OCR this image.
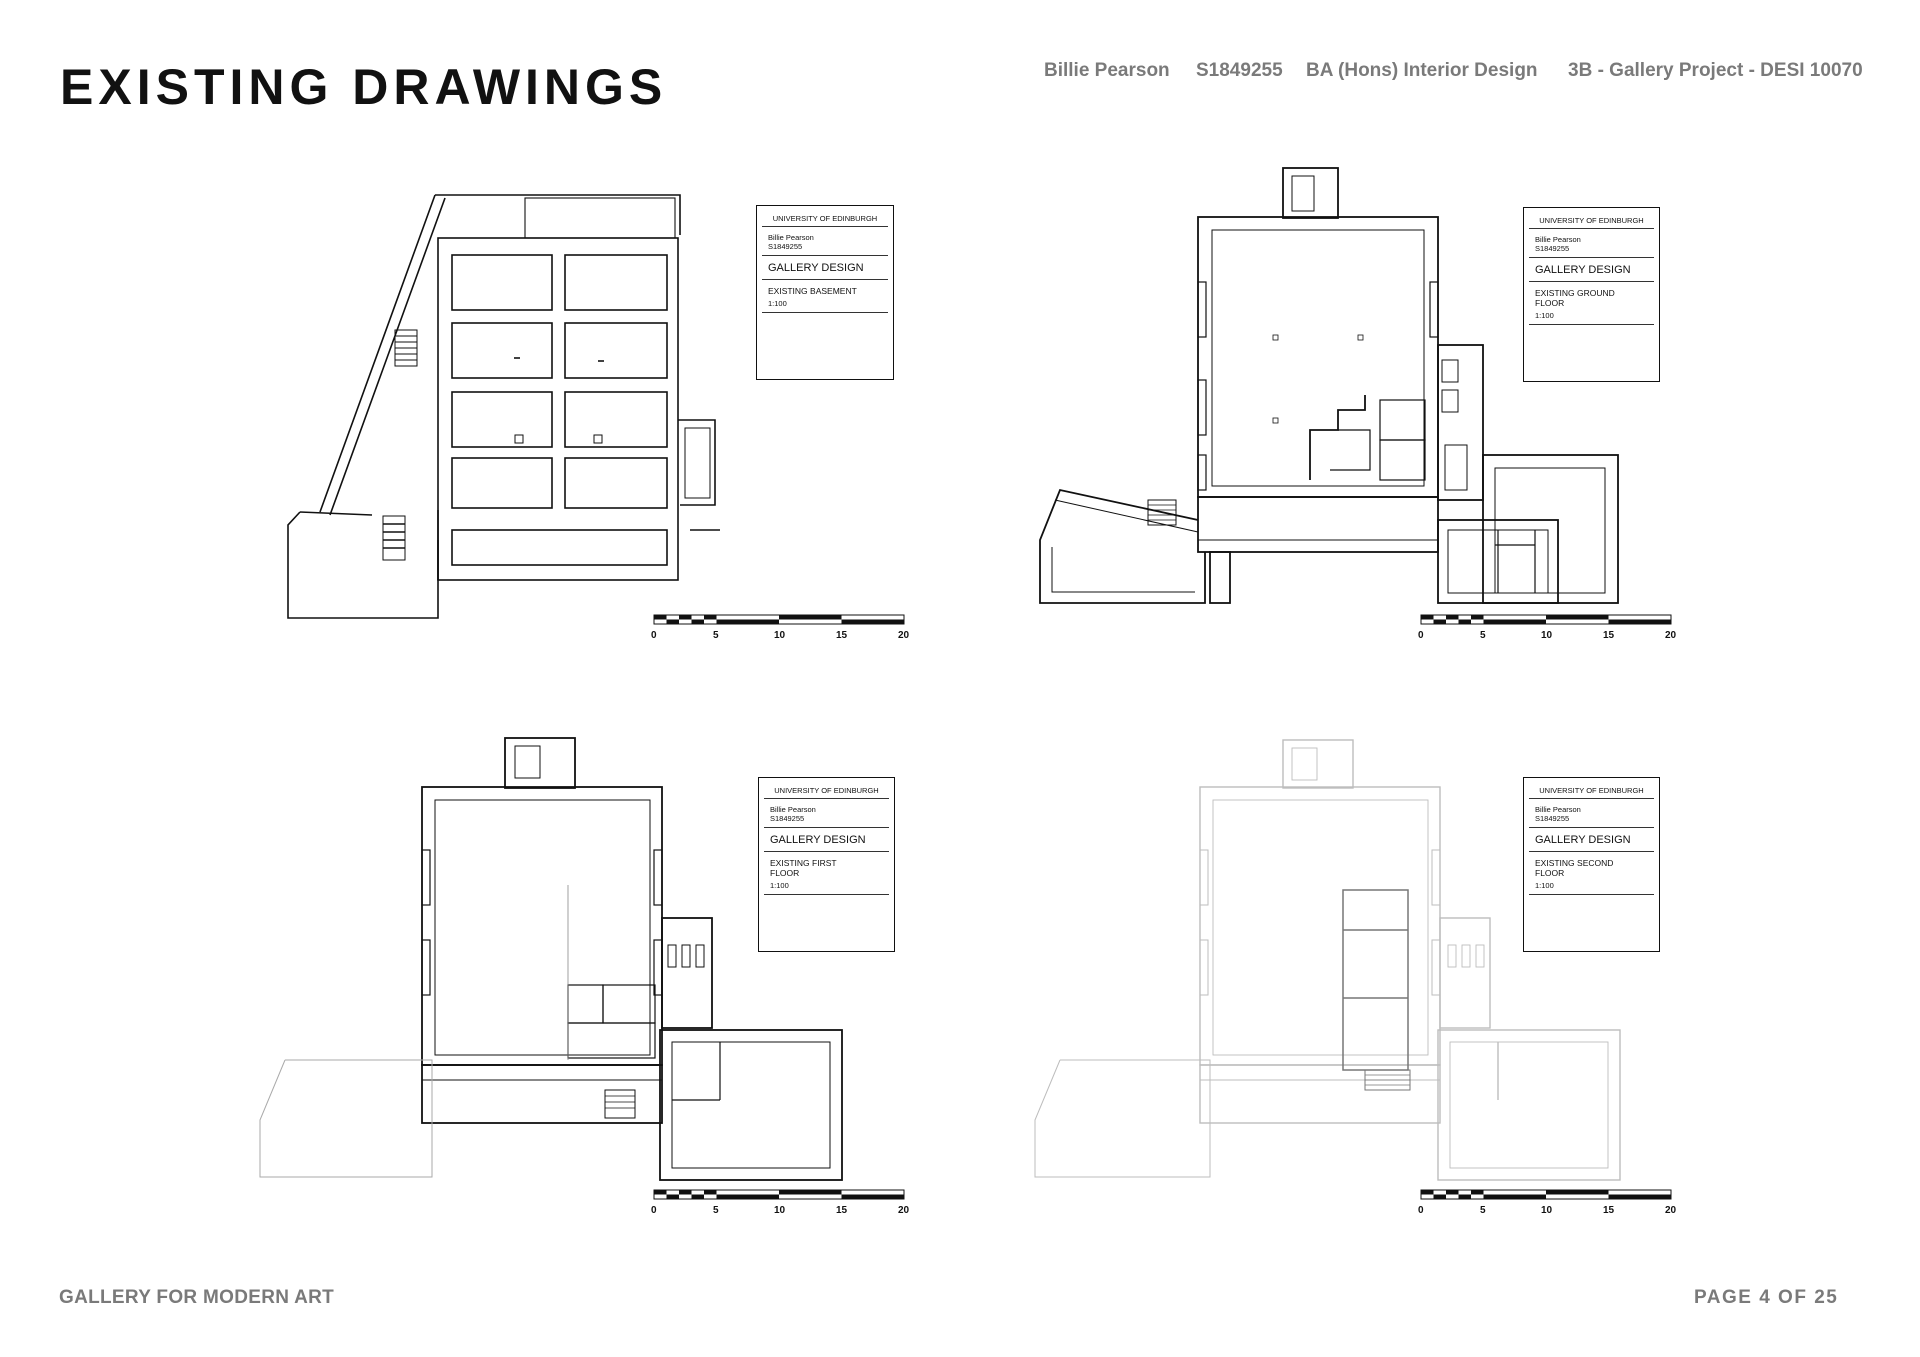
EXISTING DRAWINGS	Billie Pearson S1849255 BA (Hons) Interior Design 3B - Gallery Project - DESI 10070
GALLERY FOR MODERN ART	PAGE 4 OF 25
0	5	10	15	20
UNIVERSITY OF EDINBURGH
Billie Pearson
S1849255
GALLERY DESIGN
EXISTING BASEMENT
1:100
0	5	10	15	20
UNIVERSITY OF EDINBURGH
Billie Pearson
S1849255
GALLERY DESIGN
EXISTING GROUND FLOOR
1:100
0	5	10	15	20
UNIVERSITY OF EDINBURGH
Billie Pearson
S1849255
GALLERY DESIGN
EXISTING FIRST FLOOR
1:100
0	5	10	15	20
UNIVERSITY OF EDINBURGH
Billie Pearson
S1849255
GALLERY DESIGN
EXISTING SECOND FLOOR
1:100
